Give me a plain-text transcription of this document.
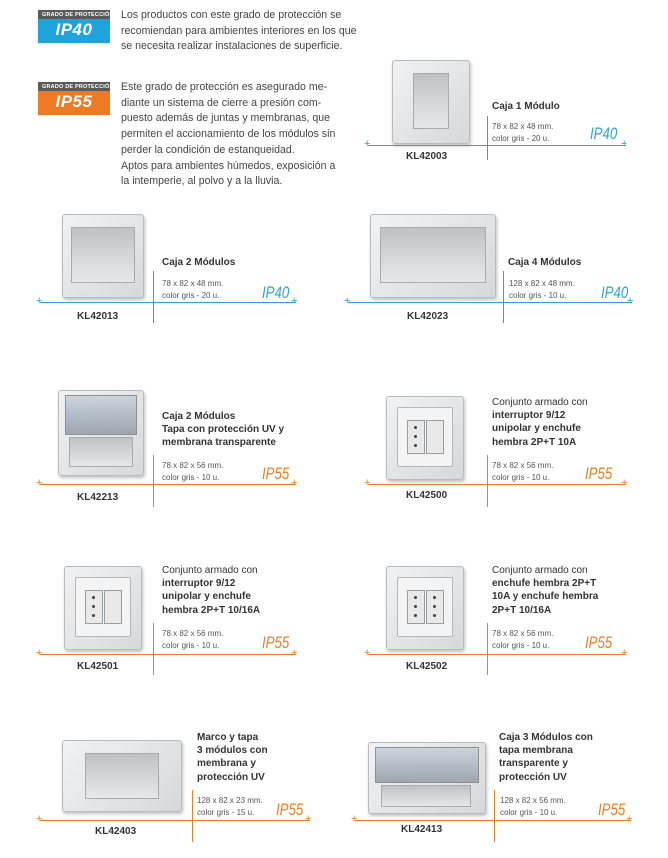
GRADO DE PROTECCIÓN
IP40
Los productos con este grado de protección se
recomiendan para ambientes interiores en los que
se necesita realizar instalaciones de superficie.
GRADO DE PROTECCIÓN
IP55
Este grado de protección es asegurado me-
diante un sistema de cierre a presión com-
puesto además de juntas y membranas, que
permiten el accionamiento de los módulos sin
perder la condición de estanqueidad.
Aptos para ambientes húmedos, exposición a
la intemperie, al polvo y a la lluvia.
Caja 1 Módulo
78 x 82 x 48 mm.
color gris - 20 u. IP40
+	+
KL42003
Caja 2 Módulos
78 x 82 x 48 mm.
color gris - 20 u.	IP40
+	+
KL42013
Caja 4 Módulos
128 x 82 x 48 mm.
color gris - 10 u.	IP40
+	+
KL42023
Caja 2 Módulos
Tapa con protección UV y
membrana transparente
78 x 82 x 56 mm.
color gris - 10 u.	IP55
+	+
KL42213
Conjunto armado con
interruptor 9/12
unipolar y enchufe
hembra 2P+T 10A
78 x 82 x 56 mm.
color gris - 10 u. IP55
+	+
KL42500
Conjunto armado con
interruptor 9/12
unipolar y enchufe
hembra 2P+T 10/16A
78 x 82 x 56 mm.
color gris - 10 u.	IP55
+	+
KL42501
Conjunto armado con
enchufe hembra 2P+T
10A y enchufe hembra
2P+T 10/16A
78 x 82 x 56 mm.
color gris - 10 u. IP55
+	+
KL42502
Marco y tapa
3 módulos con
membrana y
protección UV
128 x 82 x 23 mm.
color gris - 15 u.	IP55
+	+
KL42403
Caja 3 Módulos con
tapa membrana
transparente y
protección UV
128 x 82 x 56 mm.
color gris - 10 u.	IP55
+	+
KL42413
